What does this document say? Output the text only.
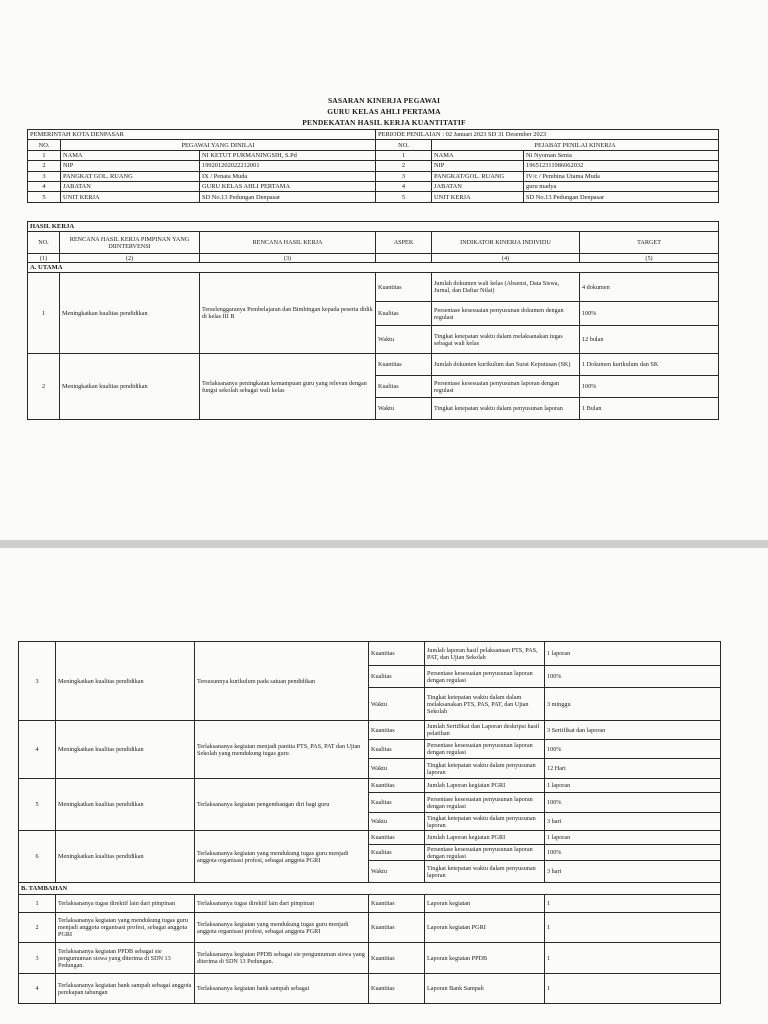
SASARAN KINERJA PEGAWAI
GURU KELAS AHLI PERTAMA
PENDEKATAN HASIL KERJA KUANTITATIF
PEMERINTAH KOTA DENPASAR			PERIODE PENILAIAN : 02 Januari 2023 SD 31 Desember 2023		
NO.	PEGAWAI YANG DINILAI		NO.	PEJABAT PENILAI KINERJA	
1	NAMA	NI KETUT PURMANINGSIH, S.Pd	1	NAMA	Ni Nyoman Senia
2	NIP	199201202022212001	2	NIP	196512311986062032
3	PANGKAT GOL. RUANG	IX / Penata Muda	3	PANGKAT/GOL. RUANG	IV/c / Pembina Utama Muda
4	JABATAN	GURU KELAS AHLI PERTAMA	4	JABATAN	guru madya
5	UNIT KERJA	SD No.13 Pedungan Denpasar	5	UNIT KERJA	SD No.13 Pedungan Denpasar
HASIL KERJA					
NO.	RENCANA HASIL KERJA PIMPINAN YANG DIINTERVENSI	RENCANA HASIL KERJA	ASPEK	INDIKATOR KINERJA INDIVIDU	TARGET
(1)	(2)	(3)		(4)	(5)
A. UTAMA					
1	Meningkatkan kualitas pendidikan	Terselenggaranya Pembelajaran dan Bimbingan kepada peserta didik di kelas III B	Kuantitas	Jumlah dokumen wali kelas (Absensi, Data Siswa, Jurnal, dan Daftar Nilai)	4 dokumen
			Kualitas	Persentase kesesuaian penyusunan dokumen dengan regulasi	100%
			Waktu	Tingkat ketepatan waktu dalam melaksanakan tugas sebagai wali kelas	12 bulan
2	Meningkatkan kualitas pendidikan	Terlaksananya peningkatan kemampuan guru yang relevan dengan fungsi sekolah sebagai wali kelas	Kuantitas	Jumlah dokumen kurikulum dan Surat Keputusan (SK)	1 Dokumen kurikulum dan SK
			Kualitas	Persentase kesesuaian penyusunan laporan dengan regulasi	100%
			Waktu	Tingkat ketepatan waktu dalam penyusunan laporan	1 Bulan
3	Meningkatkan kualitas pendidikan	Tersusunnya kurikulum pada satuan pendidikan	Kuantitas	Jumlah laporan hasil pelaksanaan PTS, PAS, PAT, dan Ujian Sekolah	1 laporan
			Kualitas	Persentase kesesuaian penyusunan laporan dengan regulasi	100%
			Waktu	Tingkat ketepatan waktu dalam dalam melaksanakan PTS, PAS, PAT, dan Ujian Sekolah	3 minggu
4	Meningkatkan kualitas pendidikan	Terlaksananya kegiatan menjadi panitia PTS, PAS, PAT dan Ujian Sekolah yang mendukung tugas guru	Kuantitas	Jumlah Sertifikat dan Laporan deskripsi hasil pelatihan	3 Sertifikat dan laporan
			Kualitas	Persentase kesesuaian penyusunan laporan dengan regulasi	100%
			Waktu	Tingkat ketepatan waktu dalam penyusunan laporan	12 Hari
5	Meningkatkan kualitas pendidikan	Terlaksananya kegiatan pengembangan diri bagi guru	Kuantitas	Jumlah Laporan kegiatan PGRI	1 laporan
			Kualitas	Persentase kesesuaian penyusunan laporan dengan regulasi	100%
			Waktu	Tingkat ketepatan waktu dalam penyusunan laporan	3 hari
6	Meningkatkan kualitas pendidikan	Terlaksananya kegiatan yang mendukung tugas guru menjadi anggota organisasi profesi, sebagai anggota PGRI	Kuantitas	Jumlah Laporan kegiatan PGRI	1 laporan
			Kualitas	Persentase kesesuaian penyusunan laporan dengan regulasi	100%
			Waktu	Tingkat ketepatan waktu dalam penyusunan laporan	3 hari
B. TAMBAHAN					
1	Terlaksananya tugas direktif lain dari pimpinan	Terlaksananya tugas direktif lain dari pimpinan	Kuantitas	Laporan kegiatan	1
2	Terlaksananya kegiatan yang mendukung tugas guru menjadi anggota organisasi profesi, sebagai anggota PGRI	Terlaksananya kegiatan yang mendukung tugas guru menjadi anggota organisasi profesi, sebagai anggota PGRI	Kuantitas	Laporan kegiatan PGRI	1
3	Terlaksananya kegiatan PPDB sebagai sie pengumuman siswa yang diterima di SDN 13 Pedungan.	Terlaksananya kegiatan PPDB sebagai sie pengumuman siswa yang diterima di SDN 13 Pedungan.	Kuantitas	Laporan kegiatan PPDB	1
4	Terlaksananya kegiatan bank sampah sebagai anggota perekapan tabungan	Terlaksananya kegiatan bank sampah sebagai	Kuantitas	Laporan Bank Sampah	1
